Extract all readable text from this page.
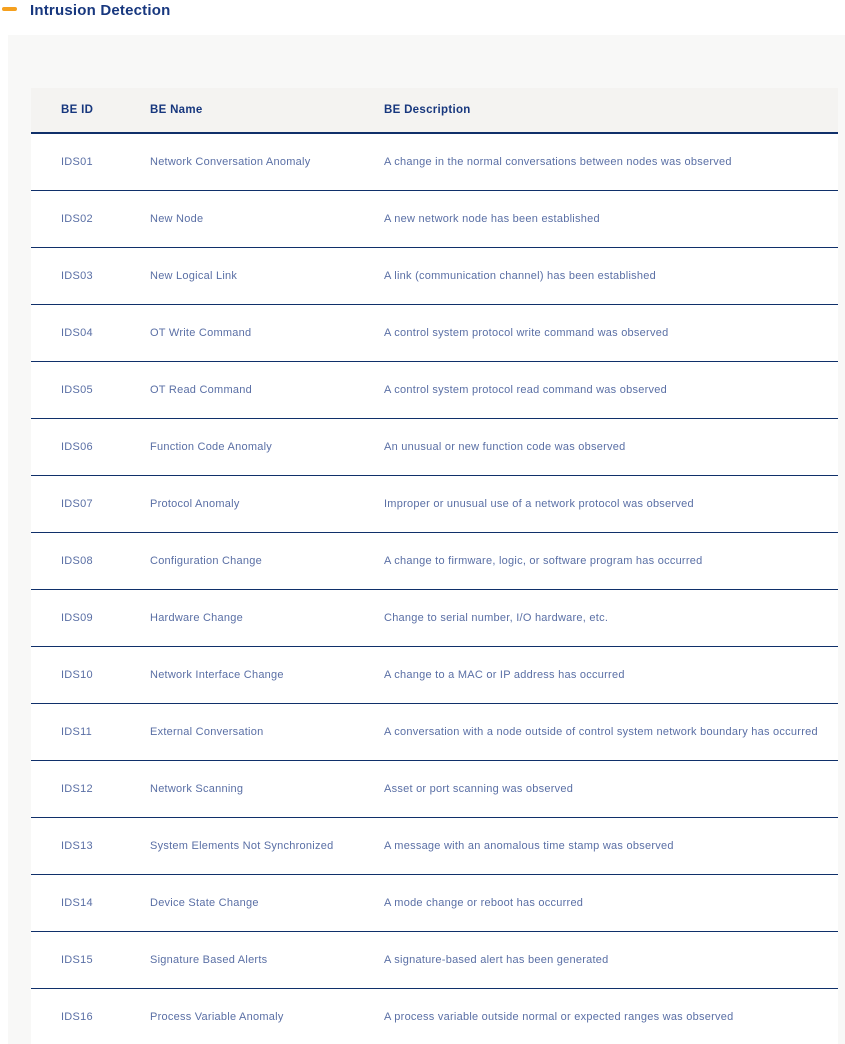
Intrusion Detection
BE ID	BE Name	BE Description
IDS01	Network Conversation Anomaly	A change in the normal conversations between nodes was observed
IDS02	New Node	A new network node has been established
IDS03	New Logical Link	A link (communication channel) has been established
IDS04	OT Write Command	A control system protocol write command was observed
IDS05	OT Read Command	A control system protocol read command was observed
IDS06	Function Code Anomaly	An unusual or new function code was observed
IDS07	Protocol Anomaly	Improper or unusual use of a network protocol was observed
IDS08	Configuration Change	A change to firmware, logic, or software program has occurred
IDS09	Hardware Change	Change to serial number, I/O hardware, etc.
IDS10	Network Interface Change	A change to a MAC or IP address has occurred
IDS11	External Conversation	A conversation with a node outside of control system network boundary has occurred
IDS12	Network Scanning	Asset or port scanning was observed
IDS13	System Elements Not Synchronized	A message with an anomalous time stamp was observed
IDS14	Device State Change	A mode change or reboot has occurred
IDS15	Signature Based Alerts	A signature-based alert has been generated
IDS16	Process Variable Anomaly	A process variable outside normal or expected ranges was observed
